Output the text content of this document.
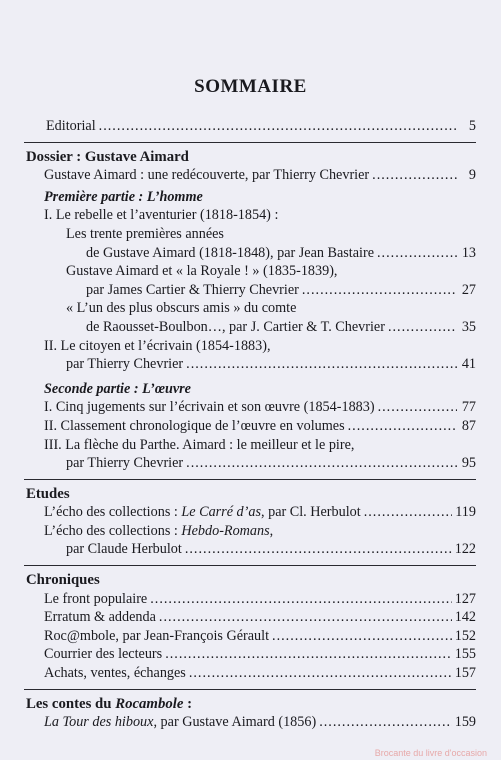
SOMMAIRE
Editorial .....	5
Dossier : Gustave Aimard
Gustave Aimard : une redécouverte, par Thierry Chevrier .....	9
Première partie : L’homme
I. Le rebelle et l’aventurier (1818-1854) :
Les trente premières années
de Gustave Aimard (1818-1848), par Jean Bastaire .....	13
Gustave Aimard et « la Royale ! » (1835-1839),
par James Cartier & Thierry Chevrier .....	27
« L’un des plus obscurs amis » du comte
de Raousset-Boulbon…, par J. Cartier & T. Chevrier .....	35
II. Le citoyen et l’écrivain (1854-1883),
par Thierry Chevrier .....	41
Seconde partie : L’œuvre
I. Cinq jugements sur l’écrivain et son œuvre (1854-1883) .....	77
II. Classement chronologique de l’œuvre en volumes .....	87
III. La flèche du Parthe. Aimard : le meilleur et le pire,
par Thierry Chevrier .....	95
Etudes
L’écho des collections : Le Carré d’as, par Cl. Herbulot .....	119
L’écho des collections : Hebdo-Romans,
par Claude Herbulot .....	122
Chroniques
Le front populaire .....	127
Erratum & addenda .....	142
Roc@mbole, par Jean-François Gérault .....	152
Courrier des lecteurs .....	155
Achats, ventes, échanges .....	157
Les contes du Rocambole :
La Tour des hiboux, par Gustave Aimard (1856) .....	159
Brocante du livre d'occasion
